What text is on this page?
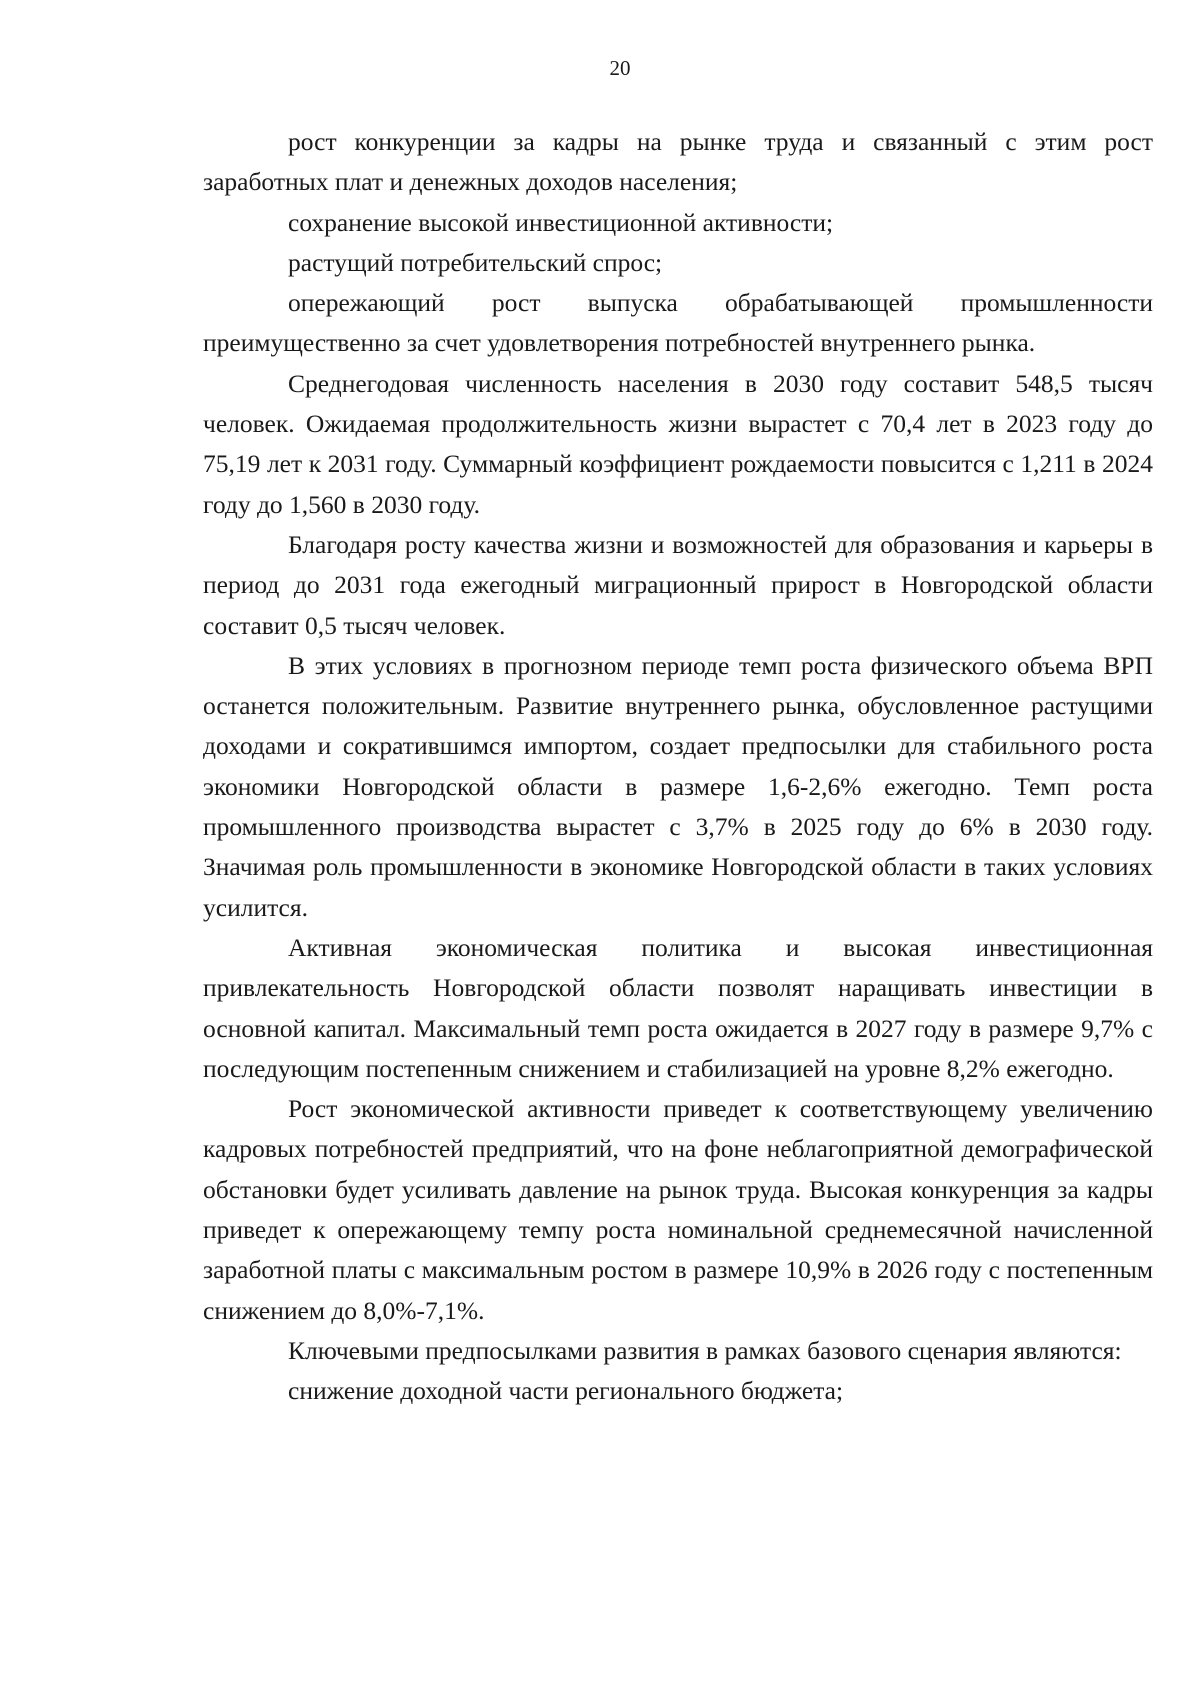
20

рост конкуренции за кадры на рынке труда и связанный с этим рост заработных плат и денежных доходов населения;

сохранение высокой инвестиционной активности;

растущий потребительский спрос;

опережающий рост выпуска обрабатывающей промышленности преимущественно за счет удовлетворения потребностей внутреннего рынка.

Среднегодовая численность населения в 2030 году составит 548,5 тысяч человек. Ожидаемая продолжительность жизни вырастет с 70,4 лет в 2023 году до 75,19 лет к 2031 году. Суммарный коэффициент рождаемости повысится с 1,211 в 2024 году до 1,560 в 2030 году.

Благодаря росту качества жизни и возможностей для образования и карьеры в период до 2031 года ежегодный миграционный прирост в Новгородской области составит 0,5 тысяч человек.

В этих условиях в прогнозном периоде темп роста физического объема ВРП останется положительным. Развитие внутреннего рынка, обусловленное растущими доходами и сократившимся импортом, создает предпосылки для стабильного роста экономики Новгородской области в размере 1,6-2,6% ежегодно. Темп роста промышленного производства вырастет с 3,7% в 2025 году до 6% в 2030 году. Значимая роль промышленности в экономике Новгородской области в таких условиях усилится.

Активная экономическая политика и высокая инвестиционная привлекательность Новгородской области позволят наращивать инвестиции в основной капитал. Максимальный темп роста ожидается в 2027 году в размере 9,7% с последующим постепенным снижением и стабилизацией на уровне 8,2% ежегодно.

Рост экономической активности приведет к соответствующему увеличению кадровых потребностей предприятий, что на фоне неблагоприятной демографической обстановки будет усиливать давление на рынок труда. Высокая конкуренция за кадры приведет к опережающему темпу роста номинальной среднемесячной начисленной заработной платы с максимальным ростом в размере 10,9% в 2026 году с постепенным снижением до 8,0%-7,1%.

Ключевыми предпосылками развития в рамках базового сценария являются:

снижение доходной части регионального бюджета;
